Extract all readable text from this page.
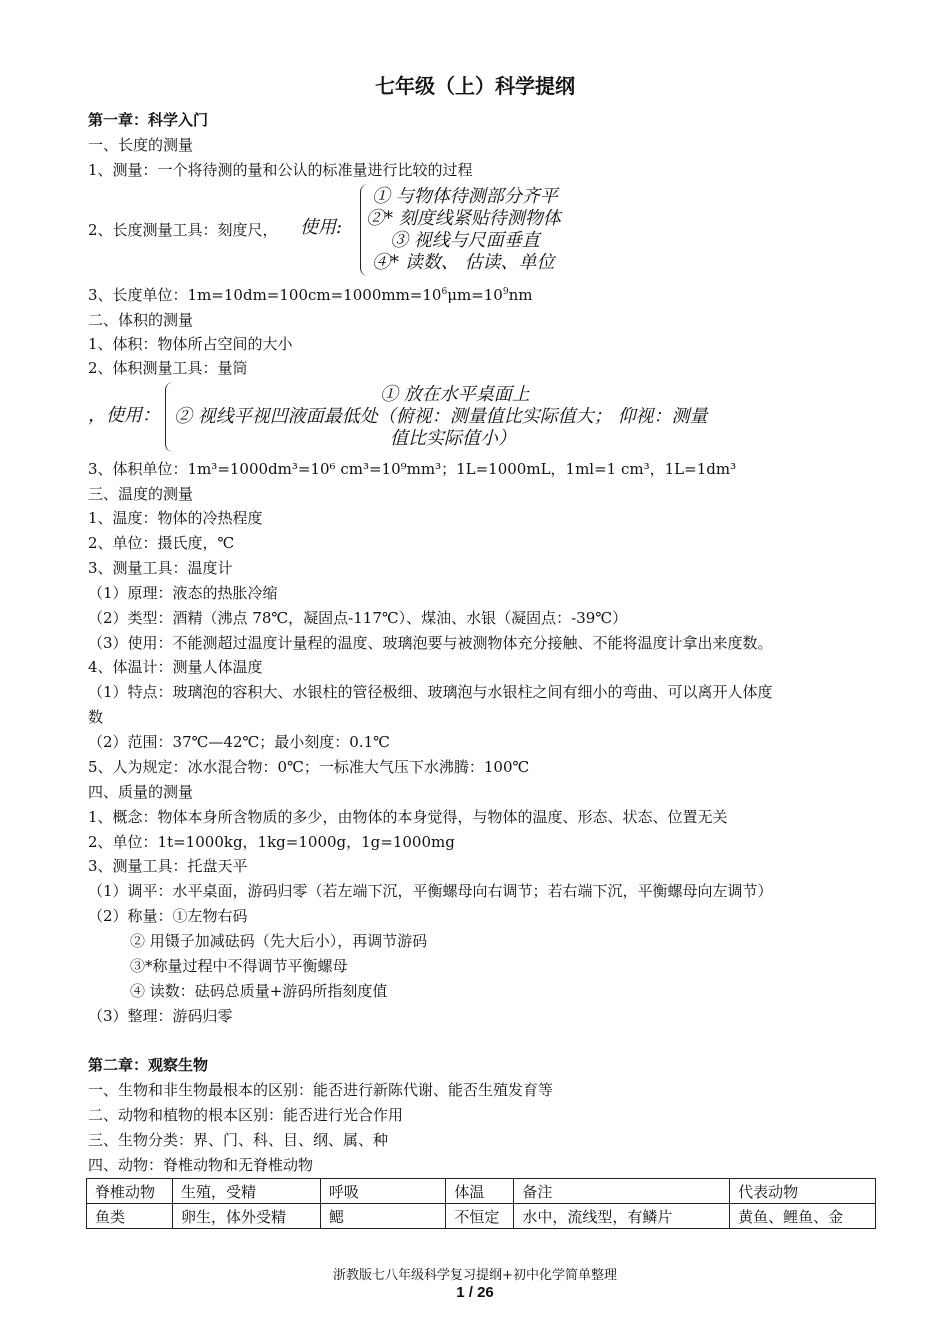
七年级（上）科学提纲
第一章：科学入门
一、长度的测量
1、测量：一个将待测的量和公认的标准量进行比较的过程
2、长度测量工具：刻度尺， 使用:
① 与物体待测部分齐平
②* 刻度线紧贴待测物体
③ 视线与尺面垂直
④* 读数、 估读、单位
3、长度单位：$1m=10dm=100cm=1000mm=10^6\mu m=10^9nm$
二、体积的测量
1、体积：物体所占空间的大小
2、体积测量工具：量筒
，使用：
① 放在水平桌面上
② 视线平视凹液面最低处（俯视：测量值比实际值大； 仰视：测量
值比实际值小）
3、体积单位：1m³=1000dm³=10⁶ cm³=10⁹mm³；1L=1000mL，1ml=1 cm³，1L=1dm³
三、温度的测量
1、温度：物体的冷热程度
2、单位：摄氏度，℃
3、测量工具：温度计
（1）原理：液态的热胀冷缩
（2）类型：酒精（沸点 78℃，凝固点-117℃）、煤油、水银（凝固点：-39℃）
（3）使用：不能测超过温度计量程的温度、玻璃泡要与被测物体充分接触、不能将温度计拿出来度数。
4、体温计：测量人体温度
（1）特点：玻璃泡的容积大、水银柱的管径极细、玻璃泡与水银柱之间有细小的弯曲、可以离开人体度
数
（2）范围：37℃—42℃；最小刻度：0.1℃
5、人为规定：冰水混合物：0℃；一标准大气压下水沸腾：100℃
四、质量的测量
1、概念：物体本身所含物质的多少，由物体的本身觉得，与物体的温度、形态、状态、位置无关
2、单位：1t=1000kg，1kg=1000g，1g=1000mg
3、测量工具：托盘天平
（1）调平：水平桌面，游码归零（若左端下沉，平衡螺母向右调节；若右端下沉，平衡螺母向左调节）
（2）称量：①左物右码
② 用镊子加减砝码（先大后小），再调节游码
③*称量过程中不得调节平衡螺母
④ 读数：砝码总质量+游码所指刻度值
（3）整理：游码归零
第二章：观察生物
一、生物和非生物最根本的区别：能否进行新陈代谢、能否生殖发育等
二、动物和植物的根本区别：能否进行光合作用
三、生物分类：界、门、科、目、纲、属、种
四、动物：脊椎动物和无脊椎动物
脊椎动物	生殖，受精	呼吸	体温	备注	代表动物
鱼类	卵生，体外受精	鳃	不恒定	水中，流线型，有鳞片	黄鱼、鲤鱼、金
浙教版七八年级科学复习提纲+初中化学简单整理
1 / 26
